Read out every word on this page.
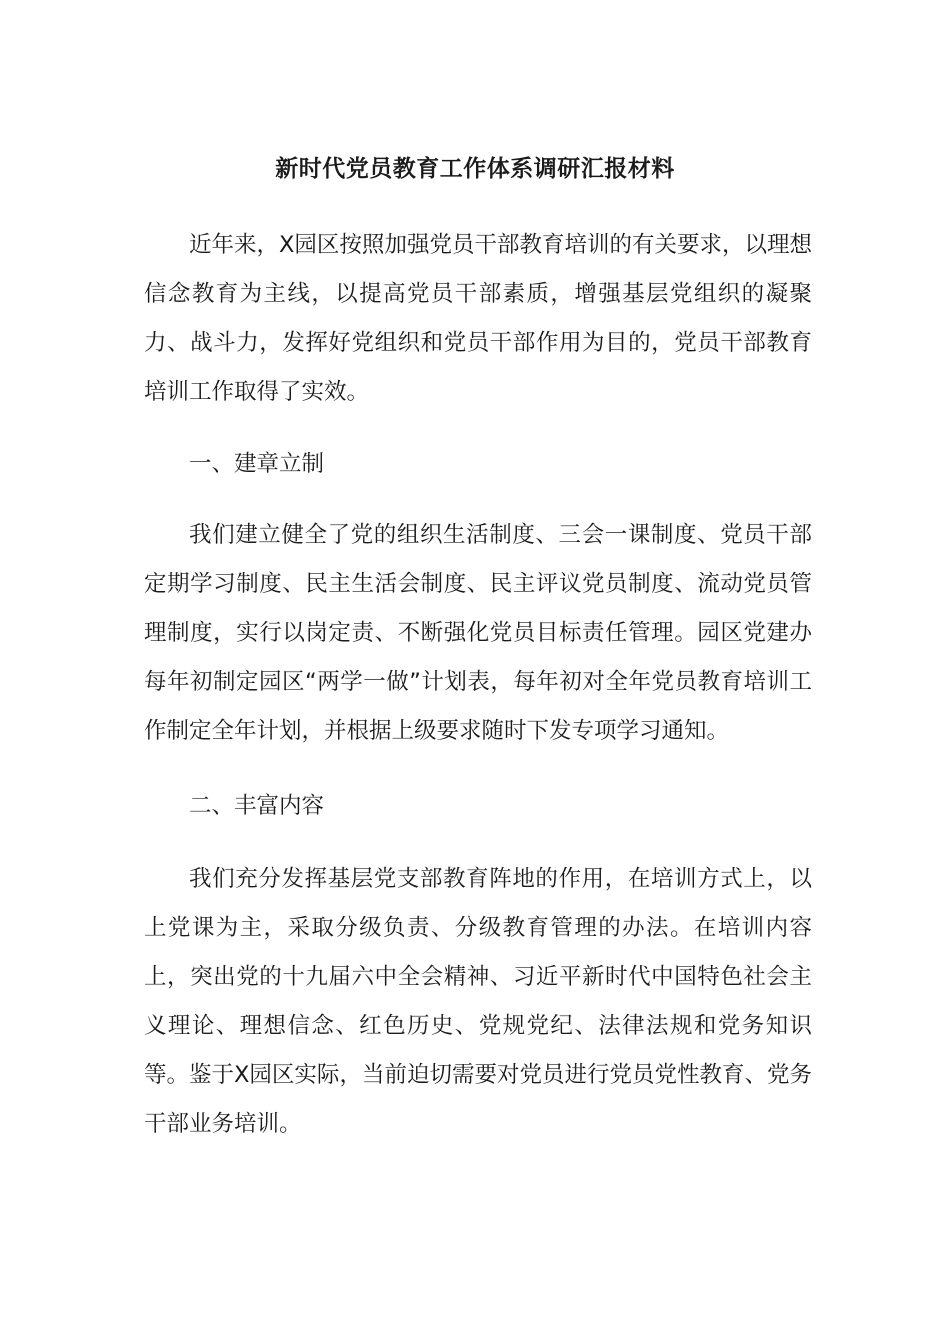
新时代党员教育工作体系调研汇报材料

近年来，X园区按照加强党员干部教育培训的有关要求，以理想信念教育为主线，以提高党员干部素质，增强基层党组织的凝聚力、战斗力，发挥好党组织和党员干部作用为目的，党员干部教育培训工作取得了实效。

一、建章立制

我们建立健全了党的组织生活制度、三会一课制度、党员干部定期学习制度、民主生活会制度、民主评议党员制度、流动党员管理制度，实行以岗定责、不断强化党员目标责任管理。园区党建办每年初制定园区“两学一做”计划表，每年初对全年党员教育培训工作制定全年计划，并根据上级要求随时下发专项学习通知。

二、丰富内容

我们充分发挥基层党支部教育阵地的作用，在培训方式上，以上党课为主，采取分级负责、分级教育管理的办法。在培训内容上，突出党的十九届六中全会精神、习近平新时代中国特色社会主义理论、理想信念、红色历史、党规党纪、法律法规和党务知识等。鉴于X园区实际，当前迫切需要对党员进行党员党性教育、党务干部业务培训。
